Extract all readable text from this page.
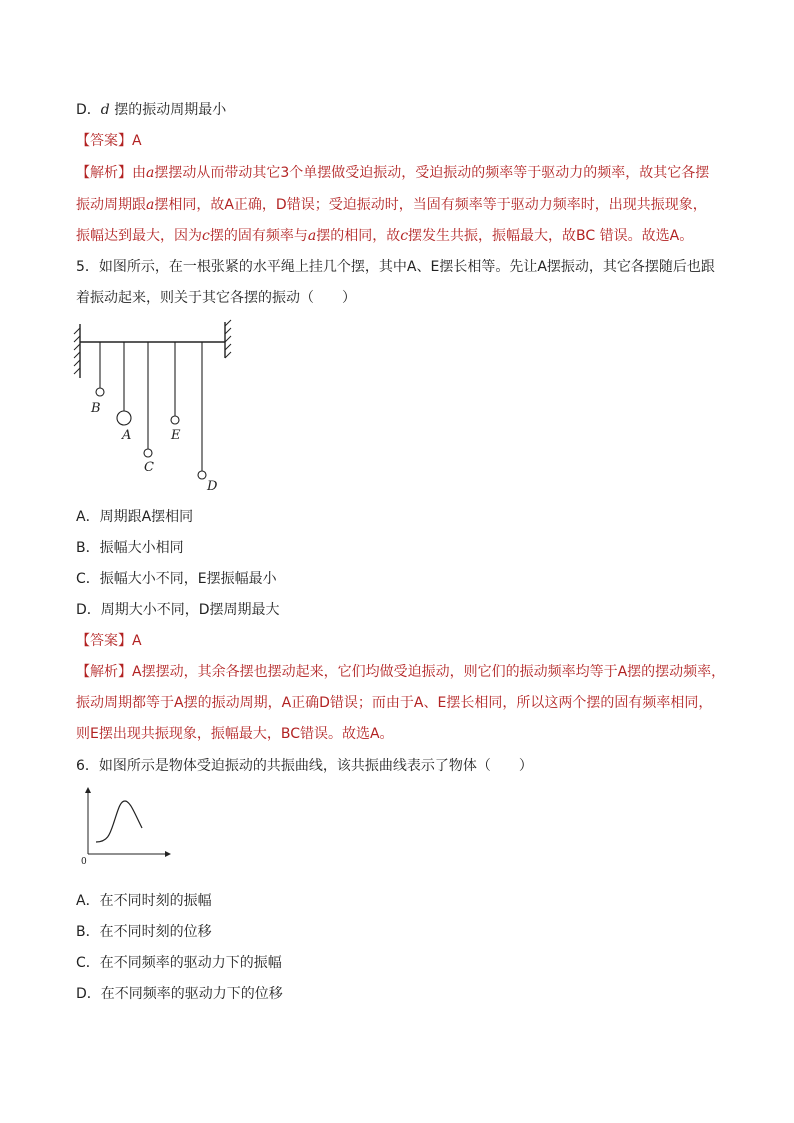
D．d 摆的振动周期最小
【答案】A
【解析】由a摆摆动从而带动其它3个单摆做受迫振动，受迫振动的频率等于驱动力的频率，故其它各摆
振动周期跟a摆相同，故A正确，D错误；受迫振动时，当固有频率等于驱动力频率时，出现共振现象，
振幅达到最大，因为c摆的固有频率与a摆的相同，故c摆发生共振，振幅最大，故BC 错误。故选A。
5．如图所示，在一根张紧的水平绳上挂几个摆，其中A、E摆长相等。先让A摆振动，其它各摆随后也跟
着振动起来，则关于其它各摆的振动（　　）
B
A	E
C
D
A．周期跟A摆相同
B．振幅大小相同
C．振幅大小不同，E摆振幅最小
D．周期大小不同，D摆周期最大
【答案】A
【解析】A摆摆动，其余各摆也摆动起来，它们均做受迫振动，则它们的振动频率均等于A摆的摆动频率，
振动周期都等于A摆的振动周期，A正确D错误；而由于A、E摆长相同，所以这两个摆的固有频率相同，
则E摆出现共振现象，振幅最大，BC错误。故选A。
6．如图所示是物体受迫振动的共振曲线，该共振曲线表示了物体（　　）
0
A．在不同时刻的振幅
B．在不同时刻的位移
C．在不同频率的驱动力下的振幅
D．在不同频率的驱动力下的位移
